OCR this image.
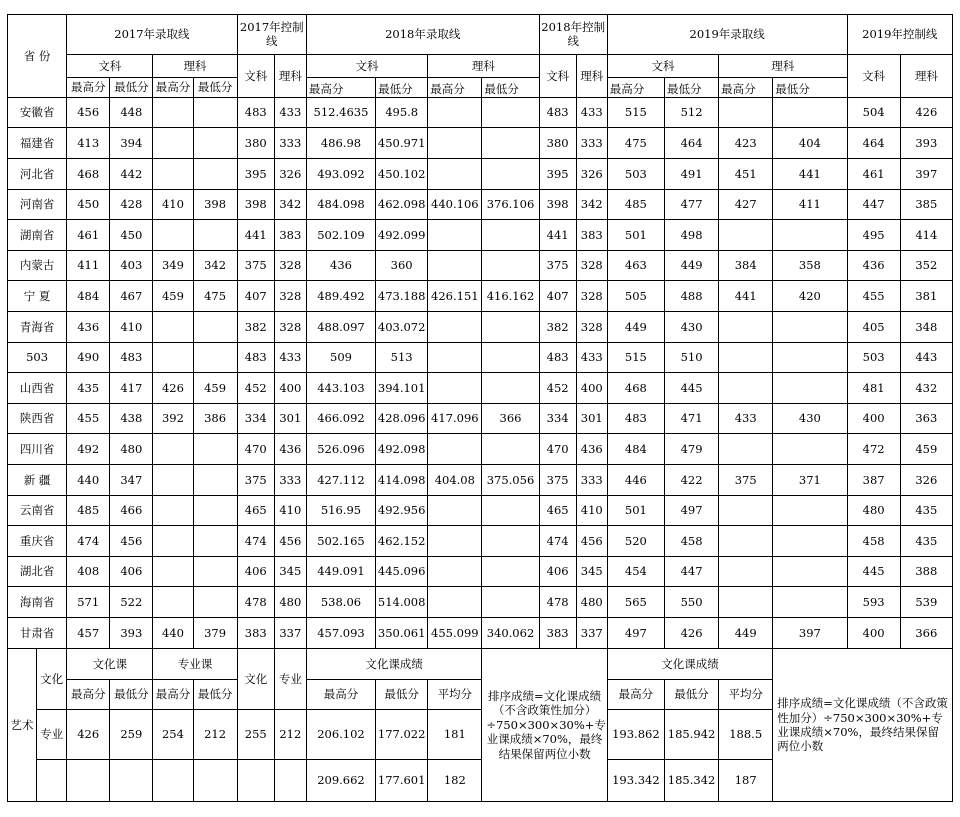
省 份		2017年录取线				2017年控制线		2018年录取线				2018年控制线		2019年录取线				2019年控制线	
		文科		理科		文科	理科	文科		理科		文科	理科	文科		理科		文科	理科
		最高分	最低分	最高分	最低分			最高分	最低分	最高分	最低分			最高分	最低分	最高分	最低分		
安徽省		456	448			483	433	512.4635	495.8			483	433	515	512			504	426
福建省		413	394			380	333	486.98	450.971			380	333	475	464	423	404	464	393
河北省		468	442			395	326	493.092	450.102			395	326	503	491	451	441	461	397
河南省		450	428	410	398	398	342	484.098	462.098	440.106	376.106	398	342	485	477	427	411	447	385
湖南省		461	450			441	383	502.109	492.099			441	383	501	498			495	414
内蒙古		411	403	349	342	375	328	436	360			375	328	463	449	384	358	436	352
宁 夏		484	467	459	475	407	328	489.492	473.188	426.151	416.162	407	328	505	488	441	420	455	381
青海省		436	410			382	328	488.097	403.072			382	328	449	430			405	348
503		490	483			483	433	509	513			483	433	515	510			503	443
山西省		435	417	426	459	452	400	443.103	394.101			452	400	468	445			481	432
陕西省		455	438	392	386	334	301	466.092	428.096	417.096	366	334	301	483	471	433	430	400	363
四川省		492	480			470	436	526.096	492.098			470	436	484	479			472	459
新 疆		440	347			375	333	427.112	414.098	404.08	375.056	375	333	446	422	375	371	387	326
云南省		485	466			465	410	516.95	492.956			465	410	501	497			480	435
重庆省		474	456			474	456	502.165	462.152			474	456	520	458			458	435
湖北省		408	406			406	345	449.091	445.096			406	345	454	447			445	388
海南省		571	522			478	480	538.06	514.008			478	480	565	550			593	539
甘肃省		457	393	440	379	383	337	457.093	350.061	455.099	340.062	383	337	497	426	449	397	400	366
艺术	文化	文化课		专业课		文化	专业	文化课成绩			排序成绩=文化课成绩（不含政策性加分）÷750×300×30%+专业课成绩×70%，最终结果保留两位小数			文化课成绩			排序成绩=文化课成绩（不含政策性加分）÷750×300×30%+专业课成绩×70%，最终结果保留两位小数		
		最高分	最低分	最高分	最低分			最高分	最低分	平均分				最高分	最低分	平均分			
	专业	426	259	254	212	255	212	206.102	177.022	181				193.862	185.942	188.5			
								209.662	177.601	182				193.342	185.342	187			
